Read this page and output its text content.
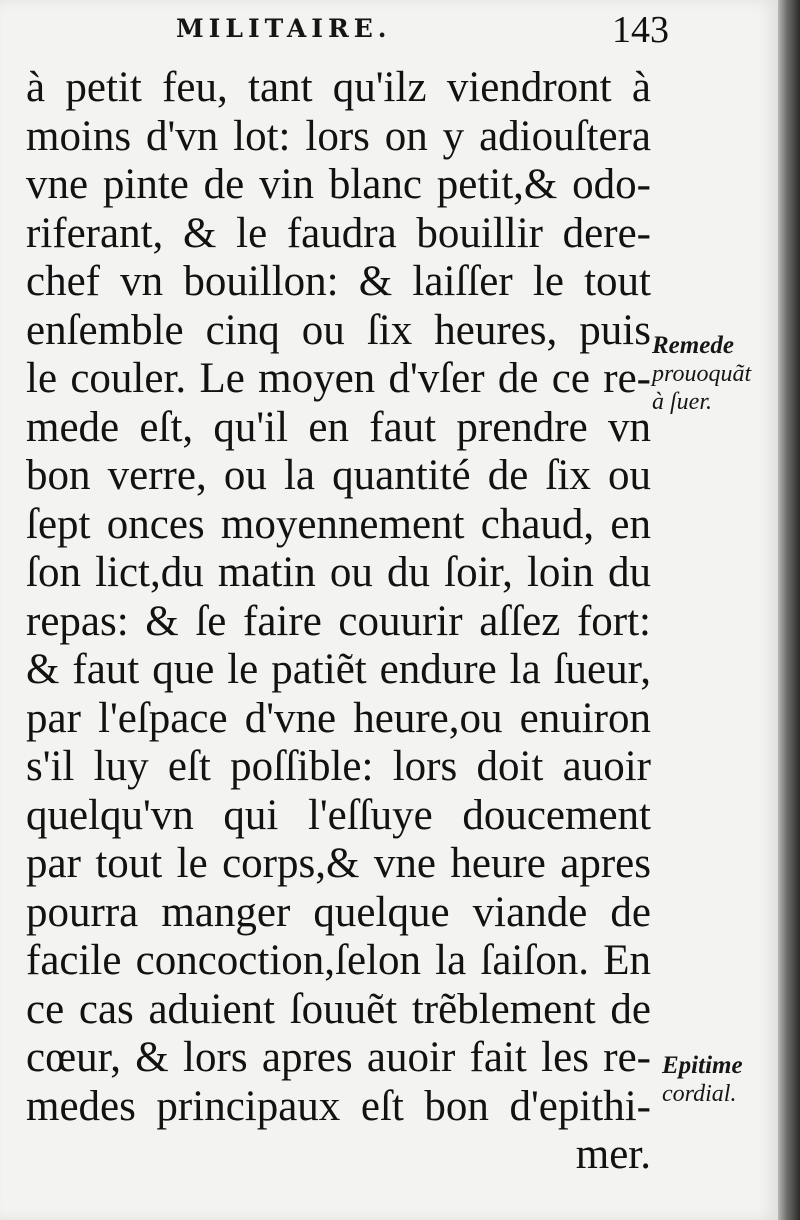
MILITAIRE.	143
à petit feu, tant qu'ilz viendront à
moins d'vn lot: lors on y adiouſtera
vne pinte de vin blanc petit,& odo-
riferant, & le faudra bouillir dere-
chef vn bouillon: & laiſſer le tout
enſemble cinq ou ſix heures, puis
le couler. Le moyen d'vſer de ce re-
mede eſt, qu'il en faut prendre vn
bon verre, ou la quantité de ſix ou
ſept onces moyennement chaud, en
ſon lict,du matin ou du ſoir, loin du
repas: & ſe faire couurir aſſez fort:
& faut que le patiẽt endure la ſueur,
par l'eſpace d'vne heure,ou enuiron
s'il luy eſt poſſible: lors doit auoir
quelqu'vn qui l'eſſuye doucement
par tout le corps,& vne heure apres
pourra manger quelque viande de
facile concoction,ſelon la ſaiſon. En
ce cas aduient ſouuẽt trẽblement de
cœur, & lors apres auoir fait les re-
medes principaux eſt bon d'epithi-
mer.
Remede
prouoquãt
à ſuer.
Epitime
cordial.
